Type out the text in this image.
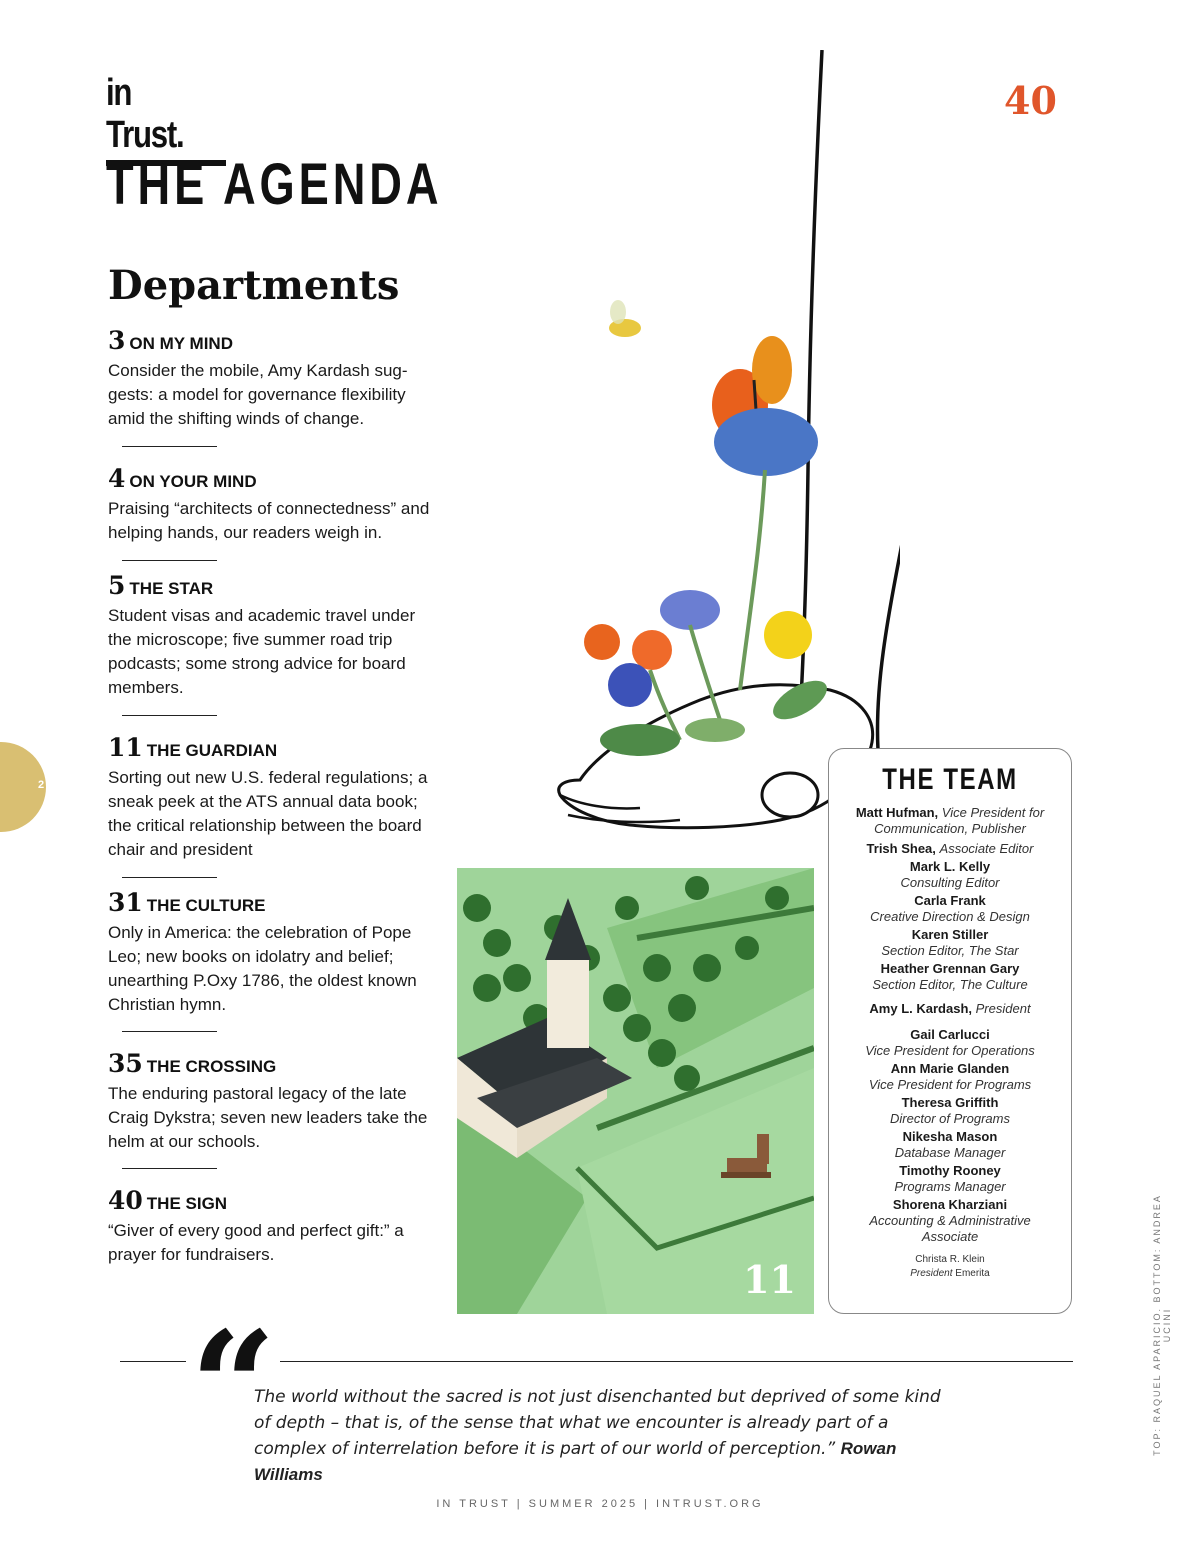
in Trust.
THE AGENDA
Departments
3 ON MY MIND
Consider the mobile, Amy Kardash sug-gests: a model for governance flexibility amid the shifting winds of change.
4 ON YOUR MIND
Praising “architects of connectedness” and helping hands, our readers weigh in.
5 THE STAR
Student visas and academic travel under the microscope; five summer road trip podcasts; some strong advice for board members.
11 THE GUARDIAN
Sorting out new U.S. federal regulations; a sneak peek at the ATS annual data book; the critical relationship between the board chair and president
31 THE CULTURE
Only in America: the celebration of Pope Leo; new books on idolatry and belief; unearthing P.Oxy 1786, the oldest known Christian hymn.
35 THE CROSSING
The enduring pastoral legacy of the late Craig Dykstra; seven new leaders take the helm at our schools.
40 THE SIGN
“Giver of every good and perfect gift:” a prayer for fundraisers.
2
40
11
THE TEAM
Matt Hufman, Vice President for Communication, Publisher
Trish Shea, Associate Editor
Mark L. Kelly
Consulting Editor
Carla Frank
Creative Direction & Design
Karen Stiller
Section Editor, The Star
Heather Grennan Gary
Section Editor, The Culture
Amy L. Kardash, President
Gail Carlucci
Vice President for Operations
Ann Marie Glanden
Vice President for Programs
Theresa Griffith
Director of Programs
Nikesha Mason
Database Manager
Timothy Rooney
Programs Manager
Shorena Kharziani
Accounting & Administrative Associate
Christa R. Klein
President Emerita
“
The world without the sacred is not just disenchanted but deprived of some kind of depth – that is, of the sense that what we encounter is already part of a complex of interrelation before it is part of our world of perception.” Rowan Williams
TOP: RAQUEL APARICIO. BOTTOM: ANDREA UCINI
IN TRUST | SUMMER 2025 | INTRUST.ORG
